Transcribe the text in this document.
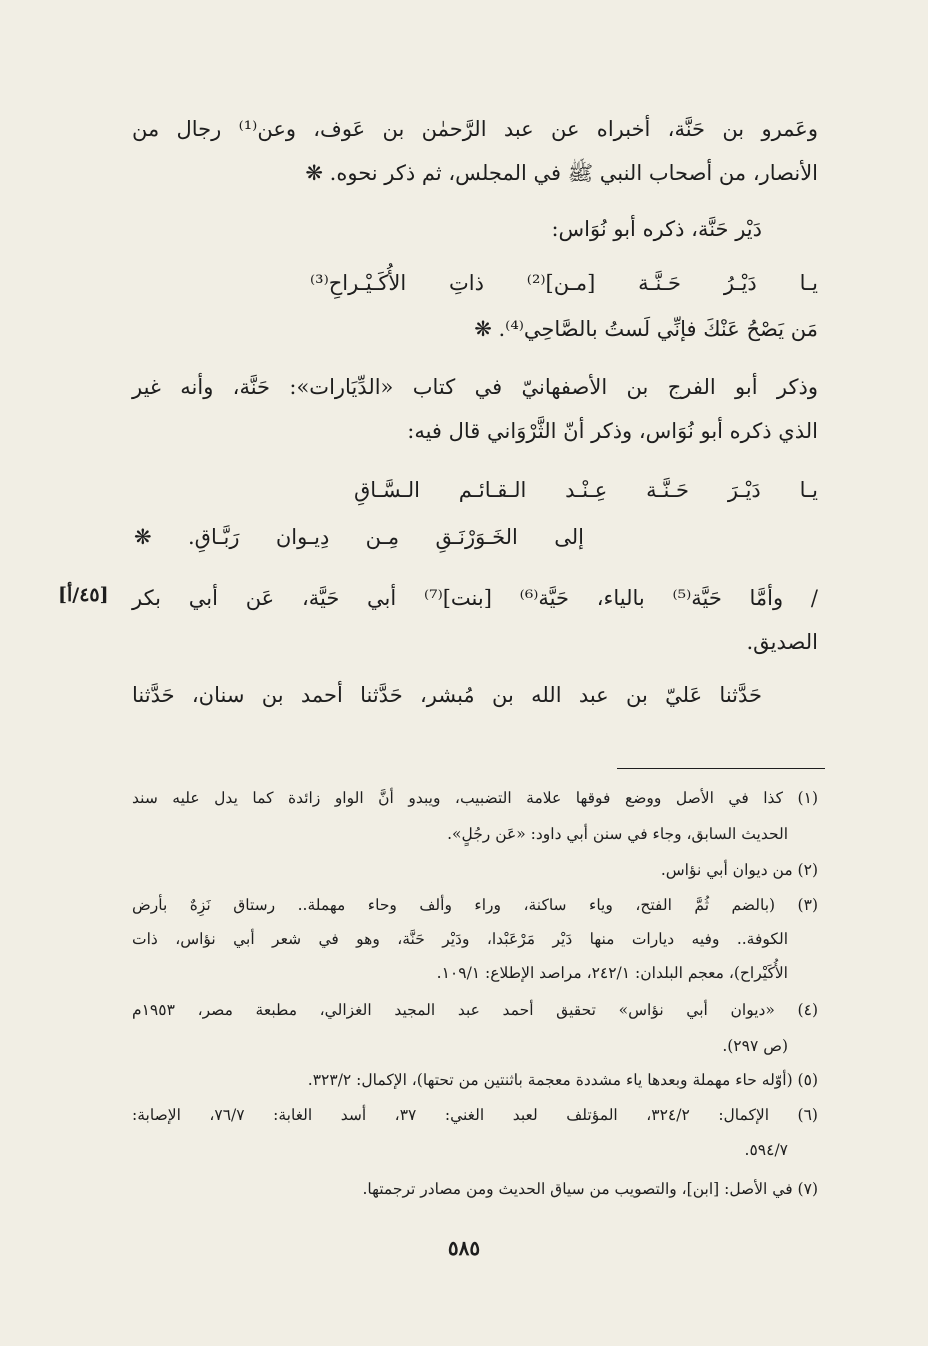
وعَمرو بن حَنَّة، أخبراه عن عبد الرَّحمٰن بن عَوف، وعن⁽¹⁾ رجال من
الأنصار، من أصحاب النبي ﷺ في المجلس، ثم ذكر نحوه. ❋
دَيْر حَنَّة، ذكره أبو نُوَاس:
يـا دَيْـرُ حَـنَّـة [مـن]⁽²⁾ ذاتِ الأُكَـيْـراحِ⁽³⁾
مَن يَصْحُ عَنْكَ فإنِّي لَستُ بالصَّاحِي⁽⁴⁾. ❋
وذكر أبو الفرج بن الأصفهانيّ في كتاب «الدِّيَارات»: حَنَّة، وأنه غير
الذي ذكره أبو نُوَاس، وذكر أنّ الثَّرْوَاني قال فيه:
يـا دَيْـرَ حَـنَّـة عِـنْـد الـقـائـم الـسَّـاقِ
إلى الخَـوَرْنَـقِ مِـن دِيـوان رَبَّـاقِ. ❋
/ وأمَّا حَيَّة⁽⁵⁾ بالياء، حَيَّة⁽⁶⁾ [بنت]⁽⁷⁾ أبي حَيَّة، عَن أبي بكر
[٤٥/أ]
الصديق.
حَدَّثنا عَليّ بن عبد الله بن مُبشر، حَدَّثنا أحمد بن سنان، حَدَّثنا
(١) كذا في الأصل ووضع فوقها علامة التضبيب، ويبدو أنَّ الواو زائدة كما يدل عليه سند
الحديث السابق، وجاء في سنن أبي داود: «عَن رجُلٍ».
(٢) من ديوان أبي نؤاس.
(٣) (بالضم ثُمَّ الفتح، وياء ساكنة، وراء وألف وحاء مهملة.. رستاق نَزِهٌ بأرض
الكوفة.. وفيه ديارات منها دَيْر مَرْعَبْدا، ودَيْر حَنَّة، وهو في شعر أبي نؤاس، ذات
الأُكَيْراح)، معجم البلدان: ٢٤٢/١، مراصد الإطلاع: ١٠٩/١.
(٤) «ديوان أبي نؤاس» تحقيق أحمد عبد المجيد الغزالي، مطبعة مصر، ١٩٥٣م
(ص ٢٩٧).
(٥) (أوّله حاء مهملة وبعدها ياء مشددة معجمة باثنتين من تحتها)، الإكمال: ٣٢٣/٢.
(٦) الإكمال: ٣٢٤/٢، المؤتلف لعبد الغني: ٣٧، أسد الغابة: ٧٦/٧، الإصابة:
٥٩٤/٧.
(٧) في الأصل: [ابن]، والتصويب من سياق الحديث ومن مصادر ترجمتها.
٥٨٥
